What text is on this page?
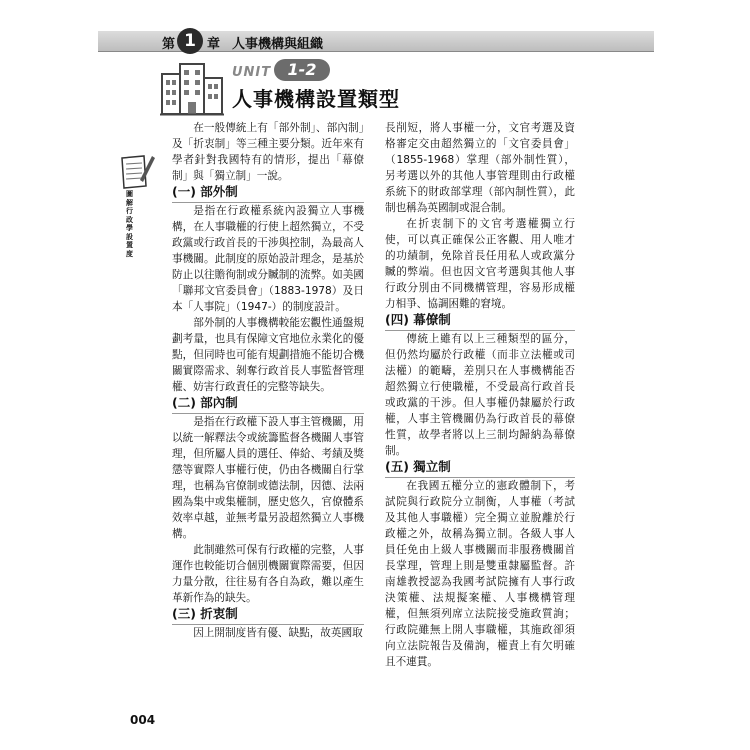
第 1 章 人事機構與組織
UNIT	1-2
人事機構設置類型
圖解行政學設置度

在一般傳統上有「部外制」、部內制」及「折衷制」等三種主要分類。近年來有學者針對我國特有的情形，提出「幕僚制」與「獨立制」一說。

(一) 部外制

是指在行政權系統內設獨立人事機構，在人事職權的行使上超然獨立，不受政黨或行政首長的干涉與控制，為最高人事機關。此制度的原始設計理念，是基於防止以往贍徇制或分贓制的流弊。如美國「聯邦文官委員會」（1883-1978）及日本「人事院」（1947-）的制度設計。

部外制的人事機構較能宏觀性通盤規劃考量，也具有保障文官地位永業化的優點，但同時也可能有規劃措施不能切合機關實際需求、剝奪行政首長人事監督管理權、妨害行政責任的完整等缺失。

(二) 部內制

是指在行政權下設人事主管機關，用以統一解釋法令或統籌監督各機關人事管理，但所屬人員的選任、俸給、考績及獎懲等實際人事權行使，仍由各機關自行掌理，也稱為官僚制或德法制，因德、法兩國為集中或集權制，歷史悠久，官僚體系效率卓越，並無考量另設超然獨立人事機構。

此制雖然可保有行政權的完整，人事運作也較能切合個別機關實際需要，但因力量分散，往往易有各自為政，難以產生革新作為的缺失。

(三) 折衷制

因上開制度皆有優、缺點，故英國取

長削短，將人事權一分，文官考選及資格審定交由超然獨立的「文官委員會」（1855-1968）掌理（部外制性質），另考選以外的其他人事管理則由行政權系統下的財政部掌理（部內制性質），此制也稱為英國制或混合制。

在折衷制下的文官考選權獨立行使，可以真正確保公正客觀、用人唯才的功績制，免除首長任用私人或政黨分贓的弊端。但也因文官考選與其他人事行政分別由不同機構管理，容易形成權力相爭、協調困難的窘境。

(四) 幕僚制

傳統上雖有以上三種類型的區分，但仍然均屬於行政權（而非立法權或司法權）的範疇，差別只在人事機構能否超然獨立行使職權，不受最高行政首長或政黨的干涉。但人事權仍隸屬於行政權，人事主管機關仍為行政首長的幕僚性質，故學者將以上三制均歸納為幕僚制。

(五) 獨立制

在我國五權分立的憲政體制下，考試院與行政院分立制衡，人事權（考試及其他人事職權）完全獨立並脫離於行政權之外，故稱為獨立制。各級人事人員任免由上級人事機關而非服務機關首長掌理，管理上則是雙重隸屬監督。許南雄教授認為我國考試院擁有人事行政決策權、法規擬案權、人事機構管理權，但無須列席立法院接受施政質詢；行政院雖無上開人事職權，其施政卻須向立法院報告及備詢，權責上有欠明確且不連貫。

004
